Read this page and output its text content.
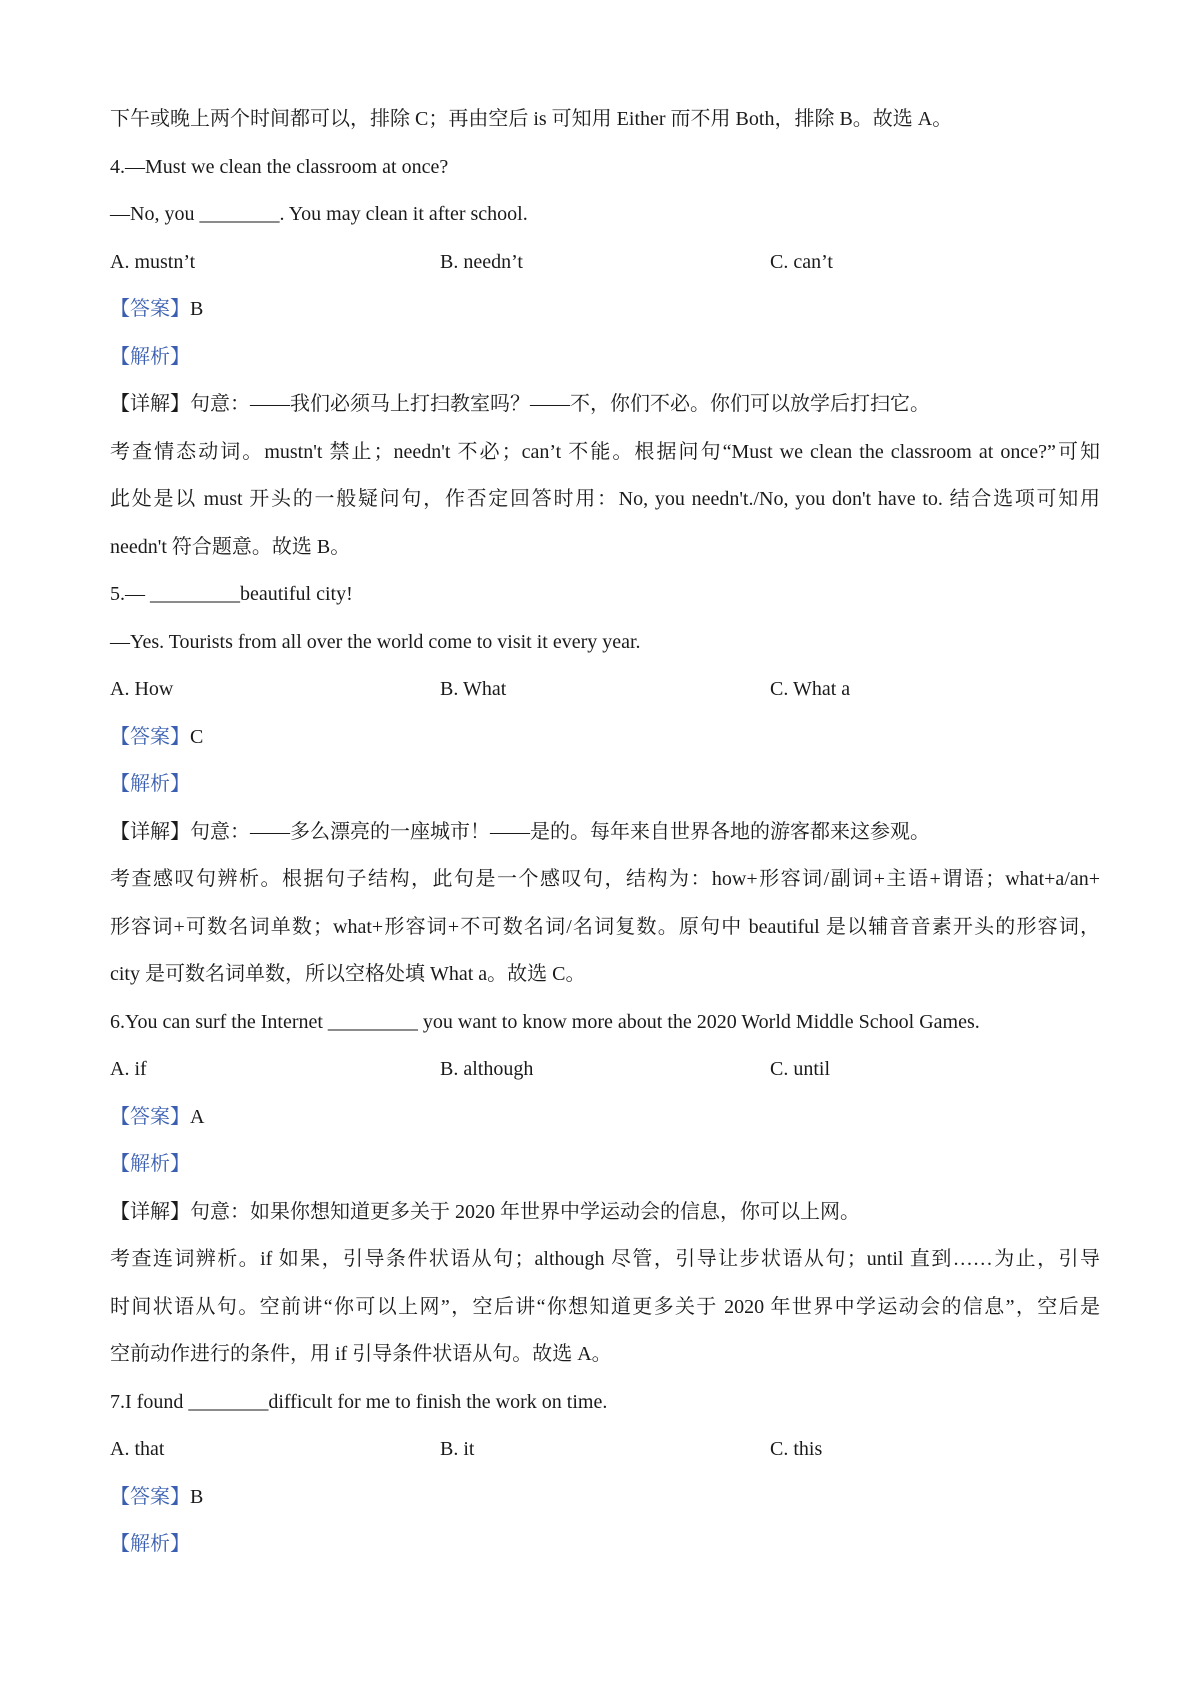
下午或晚上两个时间都可以，排除 C；再由空后 is 可知用 Either 而不用 Both，排除 B。故选 A。
4.—Must we clean the classroom at once?
—No, you ________. You may clean it after school.
A. mustn’t	B. needn’t	C. can’t
【答案】B
【解析】
【详解】句意：——我们必须马上打扫教室吗？——不，你们不必。你们可以放学后打扫它。
考查情态动词。mustn't 禁止；needn't 不必；can’t 不能。根据问句“Must we clean the classroom at once?”可知
此处是以 must 开头的一般疑问句，作否定回答时用：No, you needn't./No, you don't have to. 结合选项可知用
needn't 符合题意。故选 B。
5.— _________beautiful city!
—Yes. Tourists from all over the world come to visit it every year.
A. How	B. What	C. What a
【答案】C
【解析】
【详解】句意：——多么漂亮的一座城市！——是的。每年来自世界各地的游客都来这参观。
考查感叹句辨析。根据句子结构，此句是一个感叹句，结构为：how+形容词/副词+主语+谓语；what+a/an+
形容词+可数名词单数；what+形容词+不可数名词/名词复数。原句中 beautiful 是以辅音音素开头的形容词，
city 是可数名词单数，所以空格处填 What a。故选 C。
6.You can surf the Internet _________ you want to know more about the 2020 World Middle School Games.
A. if	B. although	C. until
【答案】A
【解析】
【详解】句意：如果你想知道更多关于 2020 年世界中学运动会的信息，你可以上网。
考查连词辨析。if 如果，引导条件状语从句；although 尽管，引导让步状语从句；until 直到……为止，引导
时间状语从句。空前讲“你可以上网”，空后讲“你想知道更多关于 2020 年世界中学运动会的信息”，空后是
空前动作进行的条件，用 if 引导条件状语从句。故选 A。
7.I found ________difficult for me to finish the work on time.
A. that	B. it	C. this
【答案】B
【解析】
